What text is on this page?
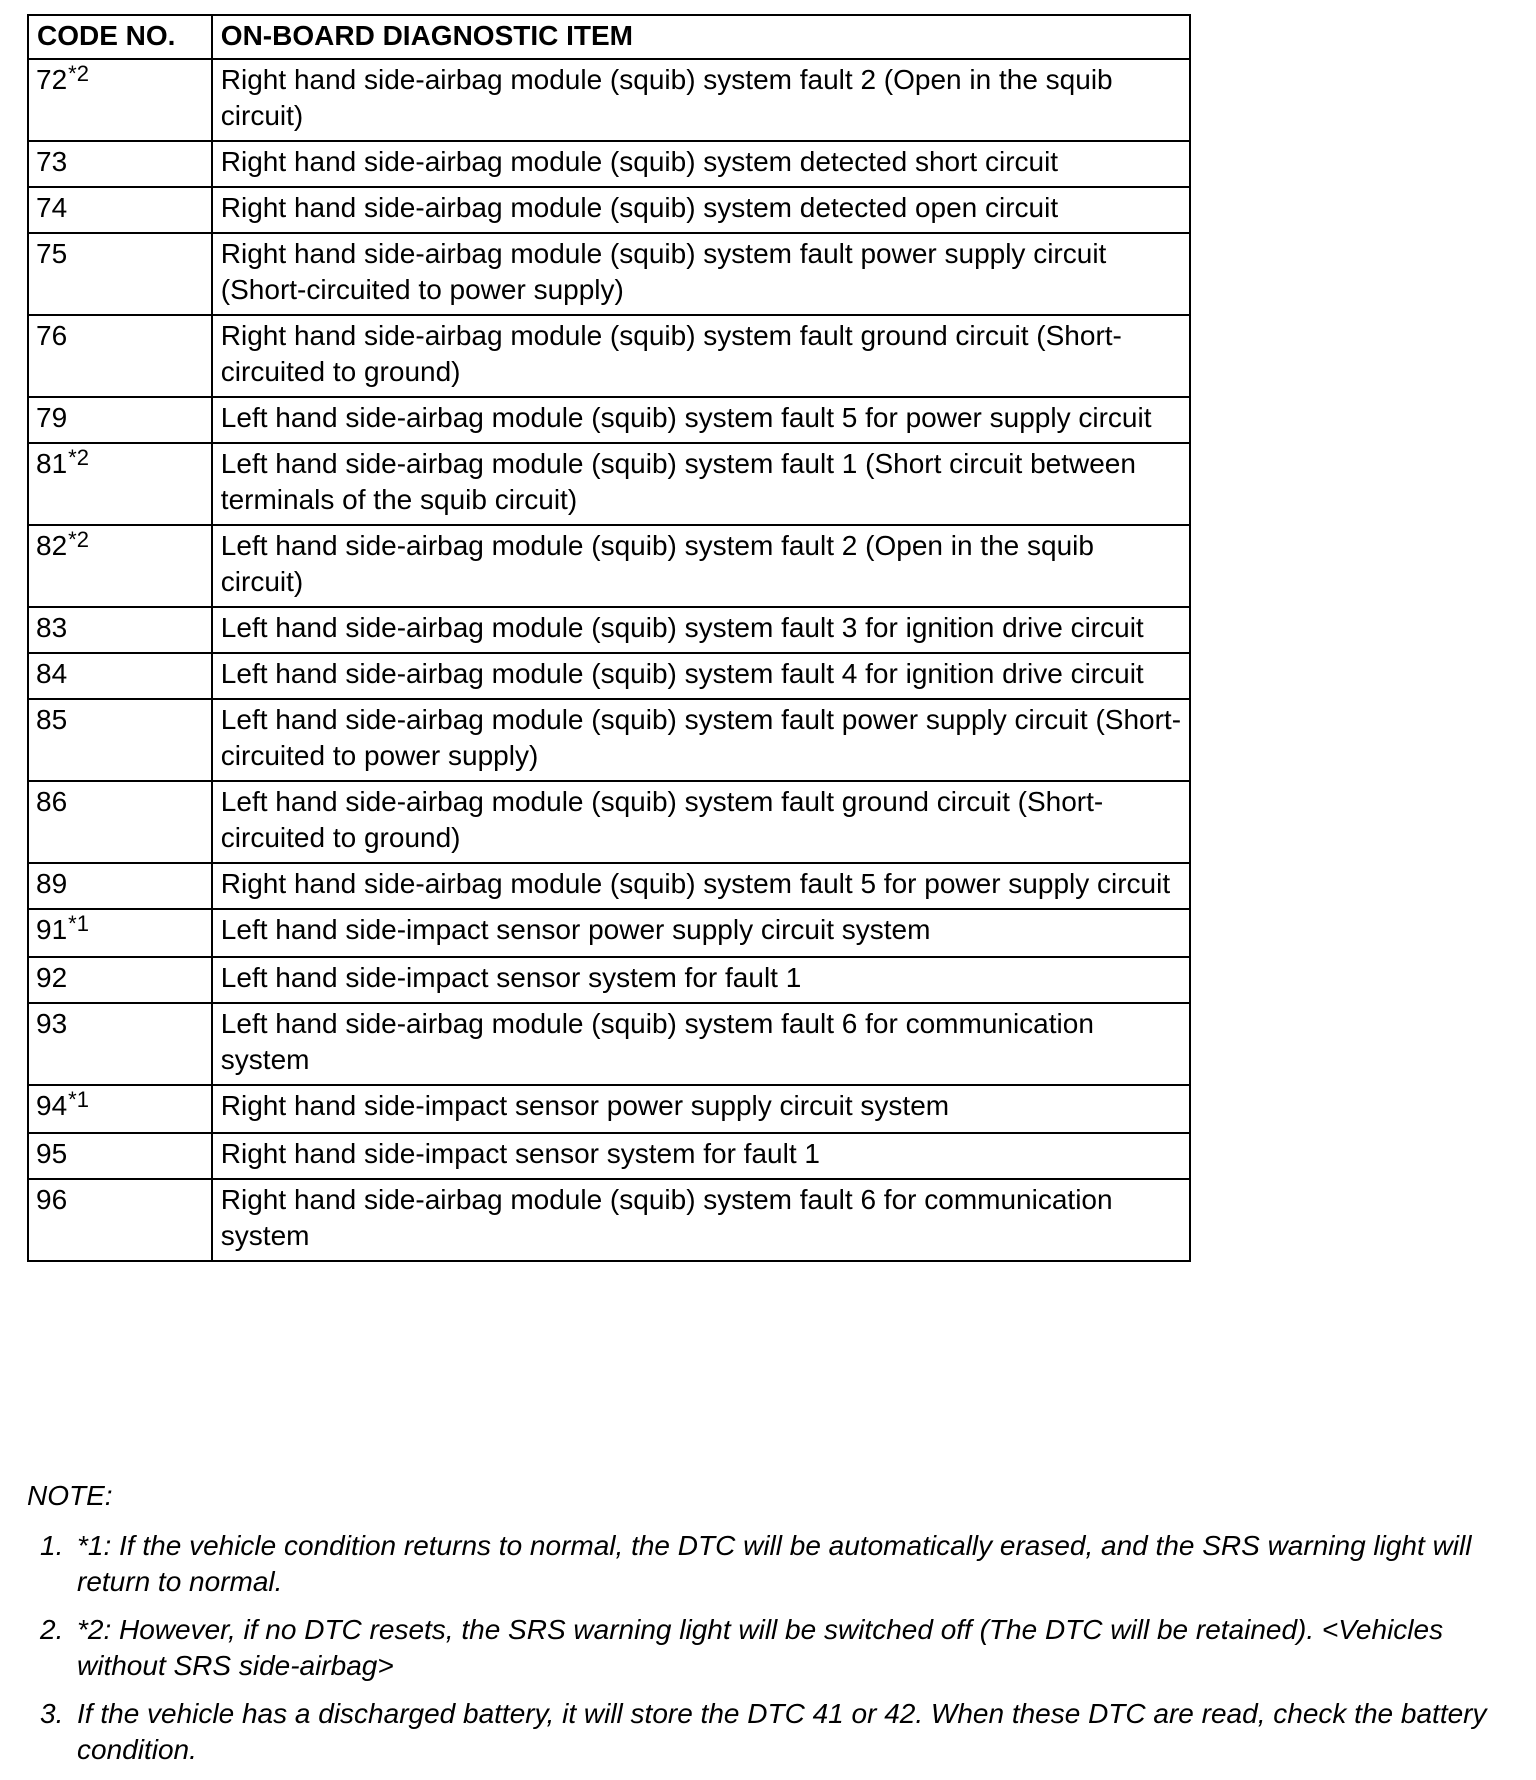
CODE NO.	ON-BOARD DIAGNOSTIC ITEM
72$^{*2}$	Right hand side-airbag module (squib) system fault 2 (Open in the squib circuit)
73	Right hand side-airbag module (squib) system detected short circuit
74	Right hand side-airbag module (squib) system detected open circuit
75	Right hand side-airbag module (squib) system fault power supply circuit (Short-circuited to power supply)
76	Right hand side-airbag module (squib) system fault ground circuit (Short-circuited to ground)
79	Left hand side-airbag module (squib) system fault 5 for power supply circuit
81$^{*2}$	Left hand side-airbag module (squib) system fault 1 (Short circuit between terminals of the squib circuit)
82$^{*2}$	Left hand side-airbag module (squib) system fault 2 (Open in the squib circuit)
83	Left hand side-airbag module (squib) system fault 3 for ignition drive circuit
84	Left hand side-airbag module (squib) system fault 4 for ignition drive circuit
85	Left hand side-airbag module (squib) system fault power supply circuit (Short-circuited to power supply)
86	Left hand side-airbag module (squib) system fault ground circuit (Short-circuited to ground)
89	Right hand side-airbag module (squib) system fault 5 for power supply circuit
91$^{*1}$	Left hand side-impact sensor power supply circuit system
92	Left hand side-impact sensor system for fault 1
93	Left hand side-airbag module (squib) system fault 6 for communication system
94$^{*1}$	Right hand side-impact sensor power supply circuit system
95	Right hand side-impact sensor system for fault 1
96	Right hand side-airbag module (squib) system fault 6 for communication system
NOTE:
1. *1: If the vehicle condition returns to normal, the DTC will be automatically erased, and the SRS warning light will return to normal.
2. *2: However, if no DTC resets, the SRS warning light will be switched off (The DTC will be retained). <Vehicles without SRS side-airbag>
3. If the vehicle has a discharged battery, it will store the DTC 41 or 42. When these DTC are read, check the battery condition.
